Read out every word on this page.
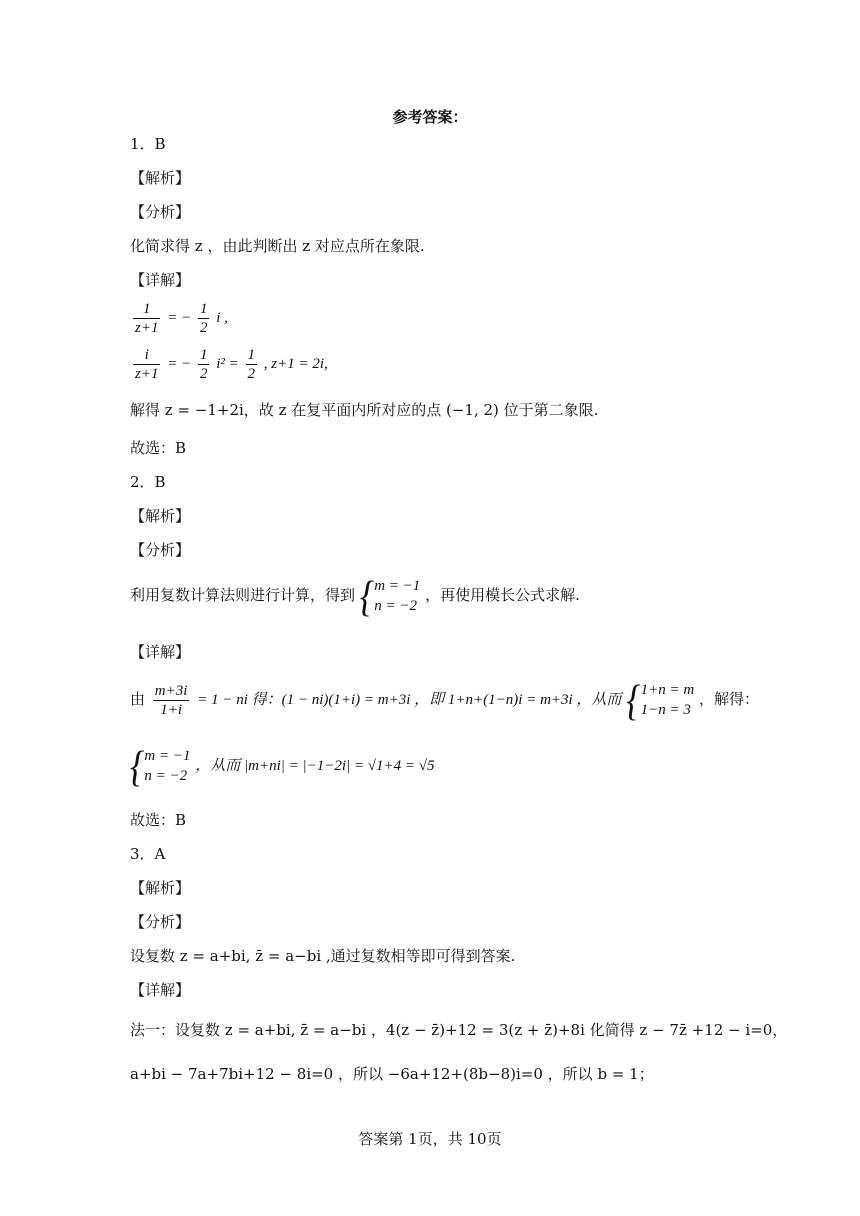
参考答案：
1．B
【解析】
【分析】
化简求得 z ，由此判断出 z 对应点所在象限.
【详解】
$\frac{1}{z+1}$ = − $\frac{1}{2}$ i ,
$\frac{i}{z+1}$ = − $\frac{1}{2} i^2 = \frac{1}{2}$ , z+1 = 2i,
解得 z = −1+2i，故 z 在复平面内所对应的点 (−1, 2) 位于第二象限.
故选：B
2．B
【解析】
【分析】
利用复数计算法则进行计算，得到 { m = −1
n = −2
，再使用模长公式求解.
【详解】
由 $\frac{m+3i}{1+i} = 1$ − ni 得：(1 − ni)(1+i) = m+3i ，即 1+n+(1−n)i = m+3i ，从而 { 1+n = m
1−n = 3
，解得：
{ m = −1
n = −2
，从而 |m+ni| = |−1−2i| = √1+4 = √5
故选：B
3．A
【解析】
【分析】
设复数 z = a+bi, z̄ = a−bi ,通过复数相等即可得到答案.
【详解】
法一：设复数 z = a+bi, z̄ = a−bi ，4(z − z̄)+12 = 3(z + z̄)+8i 化简得 z − 7z̄ +12 − i=0，
a+bi − 7a+7bi+12 − 8i=0 ，所以 −6a+12+(8b−8)i=0 ，所以 b = 1；
答案第 1页，共 10页
